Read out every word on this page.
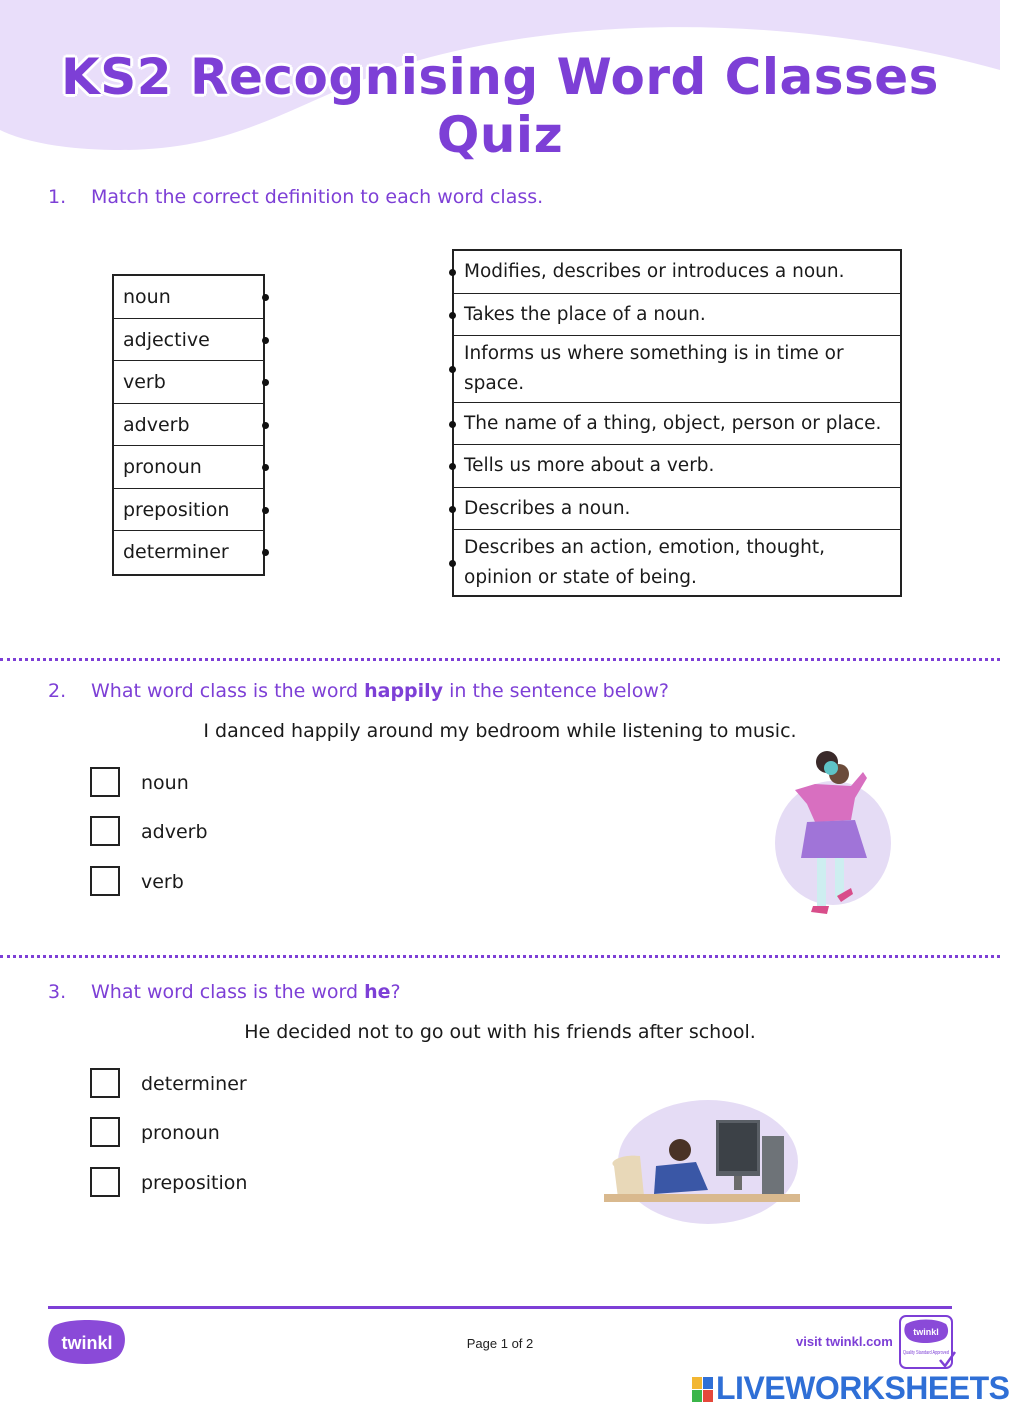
KS2 Recognising Word Classes Quiz
1. Match the correct definition to each word class.
noun
adjective
verb
adverb
pronoun
preposition
determiner
Modifies, describes or introduces a noun.
Takes the place of a noun.
Informs us where something is in time or space.
The name of a thing, object, person or place.
Tells us more about a verb.
Describes a noun.
Describes an action, emotion, thought, opinion or state of being.
2. What word class is the word happily in the sentence below?
I danced happily around my bedroom while listening to music.
noun
adverb
verb
3. What word class is the word he?
He decided not to go out with his friends after school.
determiner
pronoun
preposition
twinkl	Page 1 of 2	visit twinkl.com
twinkl
Quality Standard Approved
LIVEWORKSHEETS
